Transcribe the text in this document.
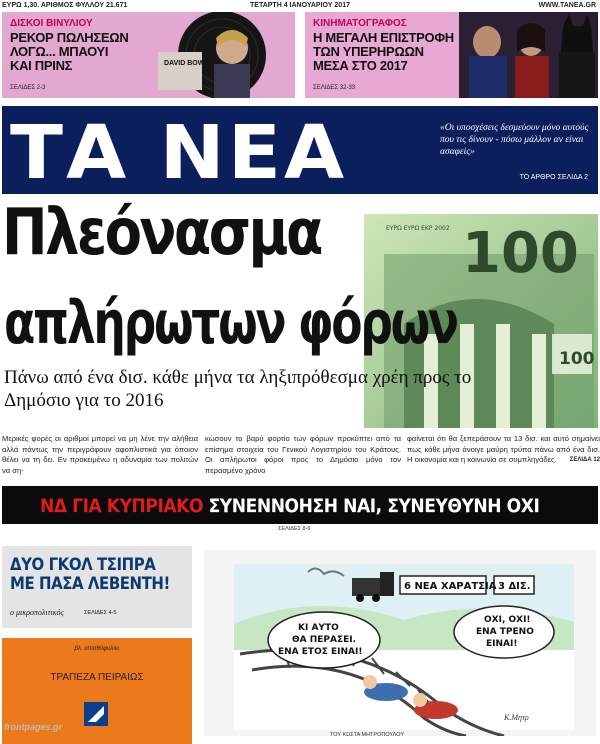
ΕΥΡΩ 1,30. ΑΡΙΘΜΟΣ ΦΥΛΛΟΥ 21.671	ΤΕΤΑΡΤΗ 4 ΙΑΝΟΥΑΡΙΟΥ 2017	WWW.TANEA.GR
ΔΙΣΚΟΙ ΒΙΝΥΛΙΟΥ
ΡΕΚΟΡ ΠΩΛΗΣΕΩΝ
ΛΟΓΩ... ΜΠΑΟΥΙ
ΚΑΙ ΠΡΙΝΣ
ΣΕΛΙΔΕΣ 2-3
DAVID BOWIE
ΚΙΝΗΜΑΤΟΓΡΑΦΟΣ
Η ΜΕΓΑΛΗ ΕΠΙΣΤΡΟΦΗ
ΤΩΝ ΥΠΕΡΗΡΩΩΝ
ΜΕΣΑ ΣΤΟ 2017
ΣΕΛΙΔΕΣ 32-33
ΤΑ ΝΕΑ	«Οι υποσχέσεις δεσμεύουν μόνο αυτούς που τις δίνουν - πόσω μάλλον αν είναι ασαφείς»
ΤΟ ΑΡΘΡΟ ΣΕΛΙΔΑ 2
100
100
ΕΥΡΩ ΕΥΡΩ ΕΚΡ 2002
Πλεόνασμα
απλήρωτων φόρων
Πάνω από ένα δισ. κάθε μήνα τα ληξιπρόθεσμα χρέη προς το Δημόσιο για το 2016
Μερικές φορές οι αριθμοί μπορεί να μη λένε την αλήθεια αλλά πάντως την περιγράφουν αφοπλιστικά για όποιον θέλει να τη δει. Εν προκειμένω η αδυναμία των πολιτών να ση-
κώσουν το βαρύ φορτίο των φόρων προκύπτει από τα επίσημα στοιχεία του Γενικού Λογιστηρίου του Κράτους. Οι απλήρωτοι φόροι προς το Δημόσιο μόνο τον περασμένο χρόνο
φαίνεται ότι θα ξεπεράσουν τα 13 δισ. και αυτό σημαίνει πως κάθε μήνα άνοιγε μαύρη τρύπα πάνω από ένα δισ. Η οικονομία και η κοινωνία σε συμπληγάδες. ΣΕΛΙΔΑ 12
ΝΔ ΓΙΑ ΚΥΠΡΙΑΚΟ ΣΥΝΕΝΝΟΗΣΗ ΝΑΙ, ΣΥΝΕΥΘΥΝΗ ΟΧΙ
ΣΕΛΙΔΕΣ 8-9
ΔΥΟ ΓΚΟΛ ΤΣΙΠΡΑ
ΜΕ ΠΑΣΑ ΛΕΒΕΝΤΗ!
ο μικροπολιτικός	ΣΕΛΙΔΕΣ 4-5
βλ. οπισθόφυλλο
ΤΡΑΠΕΖΑ ΠΕΙΡΑΙΩΣ
frontpages.gr
6 ΝΕΑ ΧΑΡΑΤΣΙΑ 3 ΔΙΣ.
ΚΙ ΑΥΤΟ
ΘΑ ΠΕΡΑΣΕΙ.
ΕΝΑ ΕΤΟΣ ΕΙΝΑΙ!
ΟΧΙ, ΟΧΙ!
ΕΝΑ ΤΡΕΝΟ
ΕΙΝΑΙ!
Κ.Μητρ
ΤΟΥ ΚΩΣΤΑ ΜΗΤΡΟΠΟΥΛΟΥ
